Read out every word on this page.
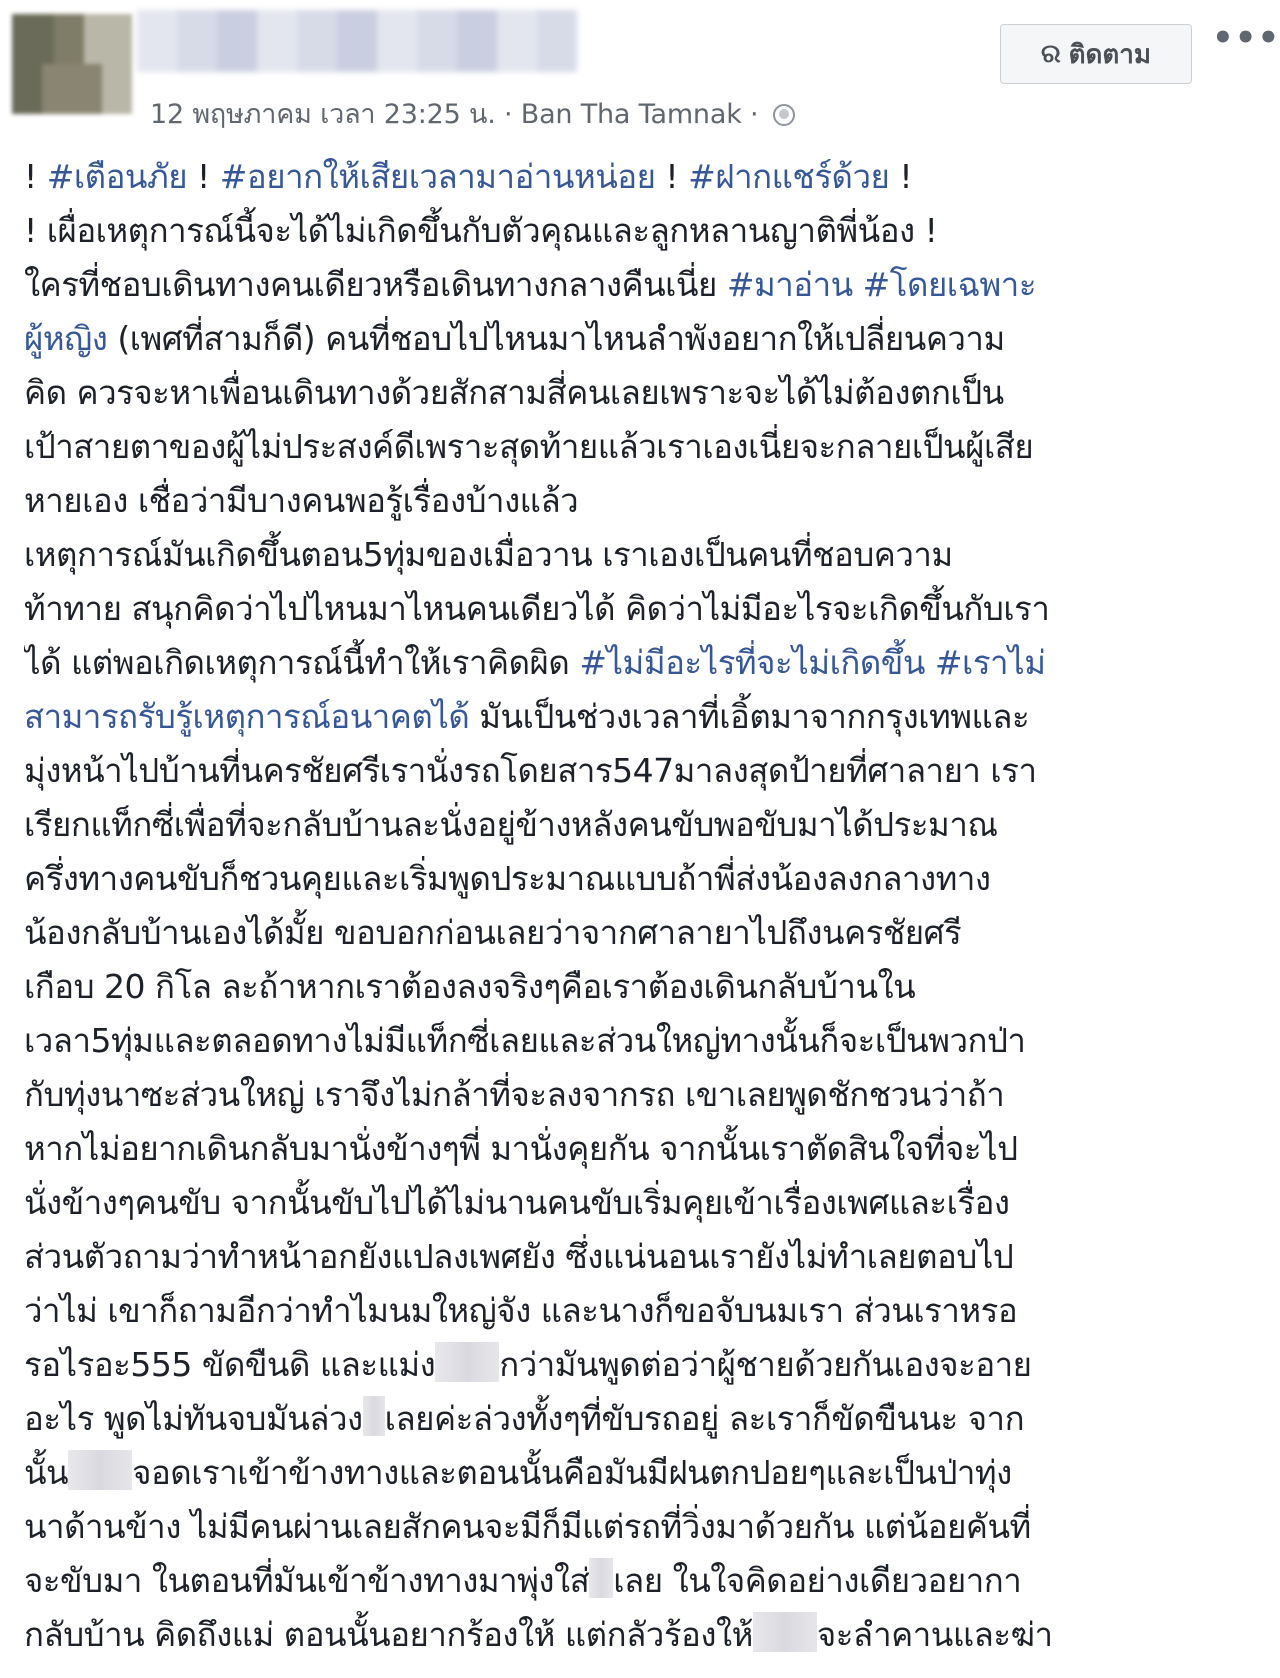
12 พฤษภาคม เวลา 23:25 น. · Ban Tha Tamnak ·
ର ติดตาม •••
! #เตือนภัย ! #อยากให้เสียเวลามาอ่านหน่อย ! #ฝากแชร์ด้วย !
! เผื่อเหตุการณ์นี้จะได้ไม่เกิดขึ้นกับตัวคุณและลูกหลานญาติพี่น้อง !
ใครที่ชอบเดินทางคนเดียวหรือเดินทางกลางคืนเนี่ย #มาอ่าน #โดยเฉพาะ
ผู้หญิง (เพศที่สามก็ดี) คนที่ชอบไปไหนมาไหนลำพังอยากให้เปลี่ยนความ
คิด ควรจะหาเพื่อนเดินทางด้วยสักสามสี่คนเลยเพราะจะได้ไม่ต้องตกเป็น
เป้าสายตาของผู้ไม่ประสงค์ดีเพราะสุดท้ายแล้วเราเองเนี่ยจะกลายเป็นผู้เสีย
หายเอง เชื่อว่ามีบางคนพอรู้เรื่องบ้างแล้ว
เหตุการณ์มันเกิดขึ้นตอน5ทุ่มของเมื่อวาน เราเองเป็นคนที่ชอบความ
ท้าทาย สนุกคิดว่าไปไหนมาไหนคนเดียวได้ คิดว่าไม่มีอะไรจะเกิดขึ้นกับเรา
ได้ แต่พอเกิดเหตุการณ์นี้ทำให้เราคิดผิด #ไม่มีอะไรที่จะไม่เกิดขึ้น #เราไม่
สามารถรับรู้เหตุการณ์อนาคตได้ มันเป็นช่วงเวลาที่เอิ้ตมาจากกรุงเทพและ
มุ่งหน้าไปบ้านที่นครชัยศรีเรานั่งรถโดยสาร547มาลงสุดป้ายที่ศาลายา เรา
เรียกแท็กซี่เพื่อที่จะกลับบ้านละนั่งอยู่ข้างหลังคนขับพอขับมาได้ประมาณ
ครึ่งทางคนขับก็ชวนคุยและเริ่มพูดประมาณแบบถ้าพี่ส่งน้องลงกลางทาง
น้องกลับบ้านเองได้มั้ย ขอบอกก่อนเลยว่าจากศาลายาไปถึงนครชัยศรี
เกือบ 20 กิโล ละถ้าหากเราต้องลงจริงๆคือเราต้องเดินกลับบ้านใน
เวลา5ทุ่มและตลอดทางไม่มีแท็กซี่เลยและส่วนใหญ่ทางนั้นก็จะเป็นพวกป่า
กับทุ่งนาซะส่วนใหญ่ เราจึงไม่กล้าที่จะลงจากรถ เขาเลยพูดชักชวนว่าถ้า
หากไม่อยากเดินกลับมานั่งข้างๆพี่ มานั่งคุยกัน จากนั้นเราตัดสินใจที่จะไป
นั่งข้างๆคนขับ จากนั้นขับไปได้ไม่นานคนขับเริ่มคุยเข้าเรื่องเพศและเรื่อง
ส่วนตัวถามว่าทำหน้าอกยังแปลงเพศยัง ซึ่งแน่นอนเรายังไม่ทำเลยตอบไป
ว่าไม่ เขาก็ถามอีกว่าทำไมนมใหญ่จัง และนางก็ขอจับนมเรา ส่วนเราหรอ
รอไรอะ555 ขัดขืนดิ และแม่ง กว่ามันพูดต่อว่าผู้ชายด้วยกันเองจะอาย
อะไร พูดไม่ทันจบมันล่วง เลยค่ะล่วงทั้งๆที่ขับรถอยู่ ละเราก็ขัดขืนนะ จาก
นั้น จอดเราเข้าข้างทางและตอนนั้นคือมันมีฝนตกปอยๆและเป็นป่าทุ่ง
นาด้านข้าง ไม่มีคนผ่านเลยสักคนจะมีก็มีแต่รถที่วิ่งมาด้วยกัน แต่น้อยคันที่
จะขับมา ในตอนที่มันเข้าข้างทางมาพุ่งใส่ เลย ในใจคิดอย่างเดียวอยากา
กลับบ้าน คิดถึงแม่ ตอนนั้นอยากร้องให้ แต่กลัวร้องให้ จะลำคานและฆ่า
